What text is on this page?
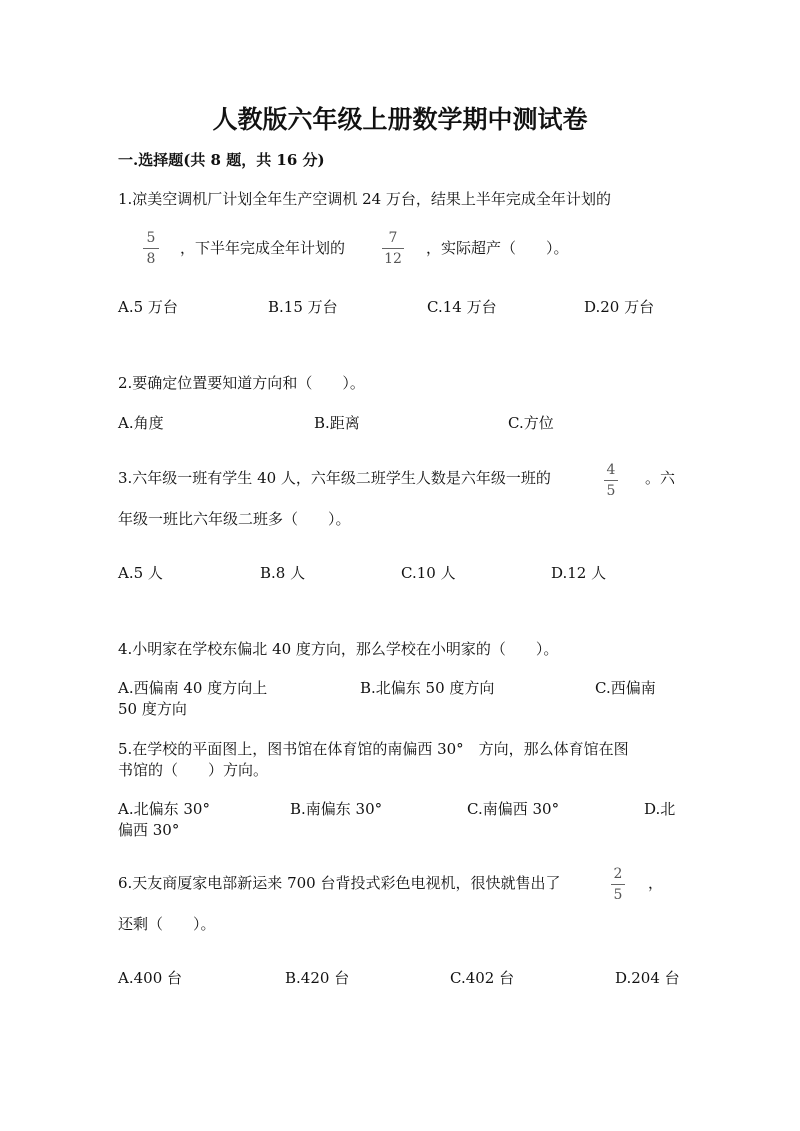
人教版六年级上册数学期中测试卷
一.选择题(共 8 题，共 16 分)
1.凉美空调机厂计划全年生产空调机 24 万台，结果上半年完成全年计划的
5
8
，下半年完成全年计划的
7
12
，实际超产（　　）。
A.5 万台	B.15 万台	C.14 万台	D.20 万台
2.要确定位置要知道方向和（　　）。
A.角度	B.距离	C.方位
3.六年级一班有学生 40 人，六年级二班学生人数是六年级一班的	4
5
。六
年级一班比六年级二班多（　　）。
A.5 人	B.8 人	C.10 人	D.12 人
4.小明家在学校东偏北 40 度方向，那么学校在小明家的（　　）。
A.西偏南 40 度方向上	B.北偏东 50 度方向	C.西偏南
50 度方向
5.在学校的平面图上，图书馆在体育馆的南偏西 30°　方向，那么体育馆在图
书馆的（　　）方向。
A.北偏东 30°	B.南偏东 30°	C.南偏西 30°	D.北
偏西 30°
6.天友商厦家电部新运来 700 台背投式彩色电视机，很快就售出了	2
5
，
还剩（　　）。
A.400 台	B.420 台	C.402 台	D.204 台
